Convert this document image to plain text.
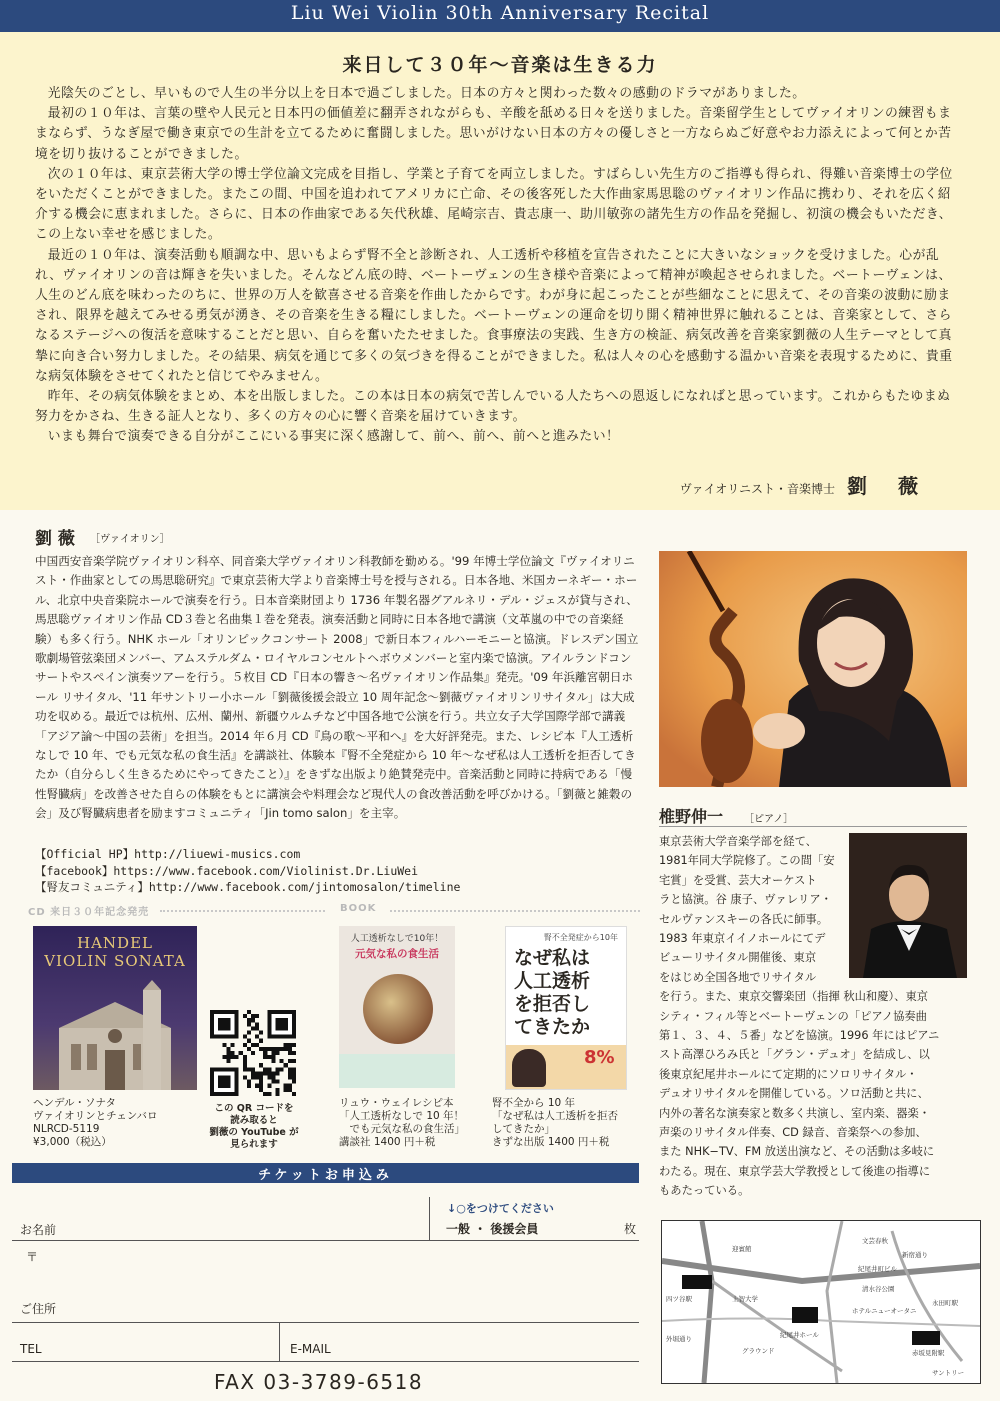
Liu Wei Violin 30th Anniversary Recital
来日して３０年〜音楽は生きる力

光陰矢のごとし、早いもので人生の半分以上を日本で過ごしました。日本の方々と関わった数々の感動のドラマがありました。

最初の１０年は、言葉の壁や人民元と日本円の価値差に翻弄されながらも、辛酸を舐める日々を送りました。音楽留学生としてヴァイオリンの練習もままならず、うなぎ屋で働き東京での生計を立てるために奮闘しました。思いがけない日本の方々の優しさと一方ならぬご好意やお力添えによって何とか苦境を切り抜けることができました。

次の１０年は、東京芸術大学の博士学位論文完成を目指し、学業と子育てを両立しました。すばらしい先生方のご指導も得られ、得難い音楽博士の学位をいただくことができました。またこの間、中国を追われてアメリカに亡命、その後客死した大作曲家馬思聡のヴァイオリン作品に携わり、それを広く紹介する機会に恵まれました。さらに、日本の作曲家である矢代秋雄、尾崎宗吉、貴志康一、助川敏弥の諸先生方の作品を発掘し、初演の機会もいただき、この上ない幸せを感じました。

最近の１０年は、演奏活動も順調な中、思いもよらず腎不全と診断され、人工透析や移植を宣告されたことに大きいなショックを受けました。心が乱れ、ヴァイオリンの音は輝きを失いました。そんなどん底の時、ベートーヴェンの生き様や音楽によって精神が喚起させられました。ベートーヴェンは、人生のどん底を味わったのちに、世界の万人を歓喜させる音楽を作曲したからです。わが身に起こったことが些細なことに思えて、その音楽の波動に励まされ、限界を越えてみせる勇気が湧き、その音楽を生きる糧にしました。ベートーヴェンの運命を切り開く精神世界に触れることは、音楽家として、さらなるステージへの復活を意味することだと思い、自らを奮いたたせました。食事療法の実践、生き方の検証、病気改善を音楽家劉薇の人生テーマとして真摯に向き合い努力しました。その結果、病気を通じて多くの気づきを得ることができました。私は人々の心を感動する温かい音楽を表現するために、貴重な病気体験をさせてくれたと信じてやみません。

昨年、その病気体験をまとめ、本を出版しました。この本は日本の病気で苦しんでいる人たちへの恩返しになればと思っています。これからもたゆまぬ努力をかさね、生きる証人となり、多くの方々の心に響く音楽を届けていきます。

いまも舞台で演奏できる自分がここにいる事実に深く感謝して、前へ、前へ、前へと進みたい！

ヴァイオリニスト・音楽博士 劉 薇
劉 薇 ［ヴァイオリン］
中国西安音楽学院ヴァイオリン科卒、同音楽大学ヴァイオリン科教師を勤める。'99 年博士学位論文『ヴァイオリニスト・作曲家としての馬思聡研究』で東京芸術大学より音楽博士号を授与される。日本各地、米国カーネギー・ホール、北京中央音楽院ホールで演奏を行う。日本音楽財団より 1736 年製名器グアルネリ・デル・ジェスが貸与され、馬思聡ヴァイオリン作品 CD３巻と名曲集１巻を発表。演奏活動と同時に日本各地で講演（文革嵐の中での音楽経験）も多く行う。NHK ホール「オリンピックコンサート 2008」で新日本フィルハーモニーと協演。ドレスデン国立歌劇場管弦楽団メンバー、アムステルダム・ロイヤルコンセルトヘボウメンバーと室内楽で協演。アイルランドコンサートやスペイン演奏ツアーを行う。５枚目 CD『日本の響き〜名ヴァイオリン作品集』発売。'09 年浜離宮朝日ホール リサイタル、'11 年サントリー小ホール「劉薇後援会設立 10 周年記念〜劉薇ヴァイオリンリサイタル」は大成功を収める。最近では杭州、広州、蘭州、新疆ウルムチなど中国各地で公演を行う。共立女子大学国際学部で講義「アジア論〜中国の芸術」を担当。2014 年６月 CD『鳥の歌〜平和へ』を大好評発売。また、レシピ本『人工透析なしで 10 年、でも元気な私の食生活』を講談社、体験本『腎不全発症から 10 年〜なぜ私は人工透析を拒否してきたか（自分らしく生きるためにやってきたこと）』をきずな出版より絶賛発売中。音楽活動と同時に持病である「慢性腎臓病」を改善させた自らの体験をもとに講演会や料理会など現代人の食改善活動を呼びかける。「劉薇と雑穀の会」及び腎臓病患者を励ますコミュニティ「Jin tomo salon」を主宰。
【Official HP】http://liuewi-musics.com
【facebook】https://www.facebook.com/Violinist.Dr.LiuWei
【腎友コミュニティ】http://www.facebook.com/jintomosalon/timeline
CD 来日３０年記念発売	BOOK
HANDEL
VIOLIN SONATA
ヘンデル・ソナタ
ヴァイオリンとチェンバロ
NLRCD-5119
¥3,000（税込）
この QR コードを
読み取ると
劉薇の YouTube が
見られます
人工透析なしで10年！
元気な私の食生活
リュウ・ウェイレシピ本
「人工透析なしで 10 年！
　でも元気な私の食生活」
講談社 1400 円＋税
腎不全発症から10年
なぜ私は人工透析を拒否してきたか
8%
腎不全から 10 年
「なぜ私は人工透析を拒否
してきたか」
きずな出版 1400 円＋税
椎野伸一 ［ピアノ］
東京芸術大学音楽学部を経て、
1981年同大学院修了。この間「安
宅賞」を受賞、芸大オーケスト
ラと協演。谷 康子、ヴァレリア・
セルヴァンスキーの各氏に師事。
1983 年東京イイノホールにてデ
ビューリサイタル開催後、東京
をはじめ全国各地でリサイタル
を行う。また、東京交響楽団（指揮 秋山和慶）、東京
シティ・フィル等とベートーヴェンの「ピアノ協奏曲
第１、３、４、５番」などを協演。1996 年にはピアニ
スト高澤ひろみ氏と「グラン・デュオ」を結成し、以
後東京紀尾井ホールにて定期的にソロリサイタル・
デュオリサイタルを開催している。ソロ活動と共に、
内外の著名な演奏家と数多く共演し、室内楽、器楽・
声楽のリサイタル伴奏、CD 録音、音楽祭への参加、
また NHK−TV、FM 放送出演など、その活動は多岐に
わたる。現在、東京学芸大学教授として後進の指導に
もあたっている。
チケットお申込み
↓○をつけてください
一般 ・ 後援会員	枚
お名前
〒
ご住所
TEL	E-MAIL
FAX 03-3789-6518
四ツ谷駅
紀尾井ホール
上智大学
ホテルニューオータニ
赤坂見附駅
永田町駅
迎賓館
文芸春秋
紀尾井町ビル
清水谷公園
グラウンド
外堀通り
新宿通り
サントリー
